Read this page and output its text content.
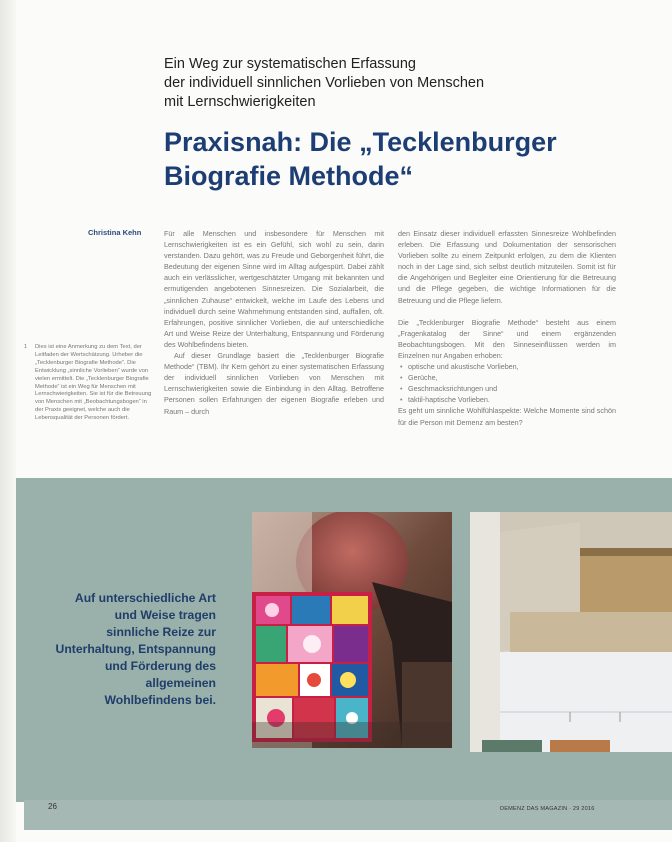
Ein Weg zur systematischen Erfassung
der individuell sinnlichen Vorlieben von Menschen
mit Lernschwierigkeiten
Praxisnah: Die „Tecklenburger
Biografie Methode“
Christina Kehn	Für alle Menschen und insbesondere für Menschen mit Lernschwierigkeiten ist es ein Gefühl, sich wohl zu sein, darin verstanden. Dazu gehört, was zu Freude und Geborgenheit führt, die Bedeutung der eigenen Sinne wird im Alltag aufgespürt. Dabei zählt auch ein verlässlicher, wertgeschätzter Umgang mit bekannten und ermutigenden angebotenen Sinnesreizen. Die Sozialarbeit, die „sinnlichen Zuhause“ entwickelt, welche im Laufe des Lebens und individuell durch seine Wahrnehmung entstanden sind, auffallen, oft. Erfahrungen, positive sinnlicher Vorlieben, die auf unterschiedliche Art und Weise Reize der Unterhaltung, Entspannung und Förderung des Wohlbefindens bieten.

Auf dieser Grundlage basiert die „Tecklenburger Biografie Methode“ (TBM). Ihr Kern gehört zu einer systematischen Erfassung der individuell sinnlichen Vorlieben von Menschen mit Lernschwierigkeiten sowie die Einbindung in den Alltag. Betroffene Personen sollen Erfahrungen der eigenen Biografie erleben und Raum – durch

den Einsatz dieser individuell erfassten Sinnesreize Wohlbefinden erleben. Die Erfassung und Dokumentation der sensorischen Vorlieben sollte zu einem Zeitpunkt erfolgen, zu dem die Klienten noch in der Lage sind, sich selbst deutlich mitzuteilen. Somit ist für die Angehörigen und Begleiter eine Orientierung für die Betreuung und die Pflege gegeben, die wichtige Informationen für die Betreuung und die Pflege liefern.

Die „Tecklenburger Biografie Methode“ besteht aus einem „Fragenkatalog der Sinne“ und einem ergänzenden Beobachtungsbogen. Mit den Sinneseinflüssen werden im Einzelnen nur Angaben erhoben:

• optische und akustische Vorlieben,
• Gerüche,
• Geschmacksrichtungen und
• taktil-haptische Vorlieben.

Es geht um sinnliche Wohlfühlaspekte: Welche Momente sind schön für die Person mit Demenz am besten?

1 Dies ist eine Anmerkung zu dem Text, der Leitfaden der Wertschätzung. Urheber die „Tecklenburger Biografie Methode“. Die Entwicklung „sinnliche Vorlieben“ wurde von vielen ermittelt. Die „Tecklenburger Biografie Methode“ ist ein Weg für Menschen mit Lernschwierigkeiten. Sie ist für die Betreuung von Menschen mit „Beobachtungsbogen“ in der Praxis geeignet, welche auch die Lebensqualität der Personen fördert.
Auf unterschiedliche Art
und Weise tragen
sinnliche Reize zur
Unterhaltung, Entspannung
und Förderung des
allgemeinen
Wohlbefindens bei.
26	DEMENZ DAS MAGAZIN · 29 2016
